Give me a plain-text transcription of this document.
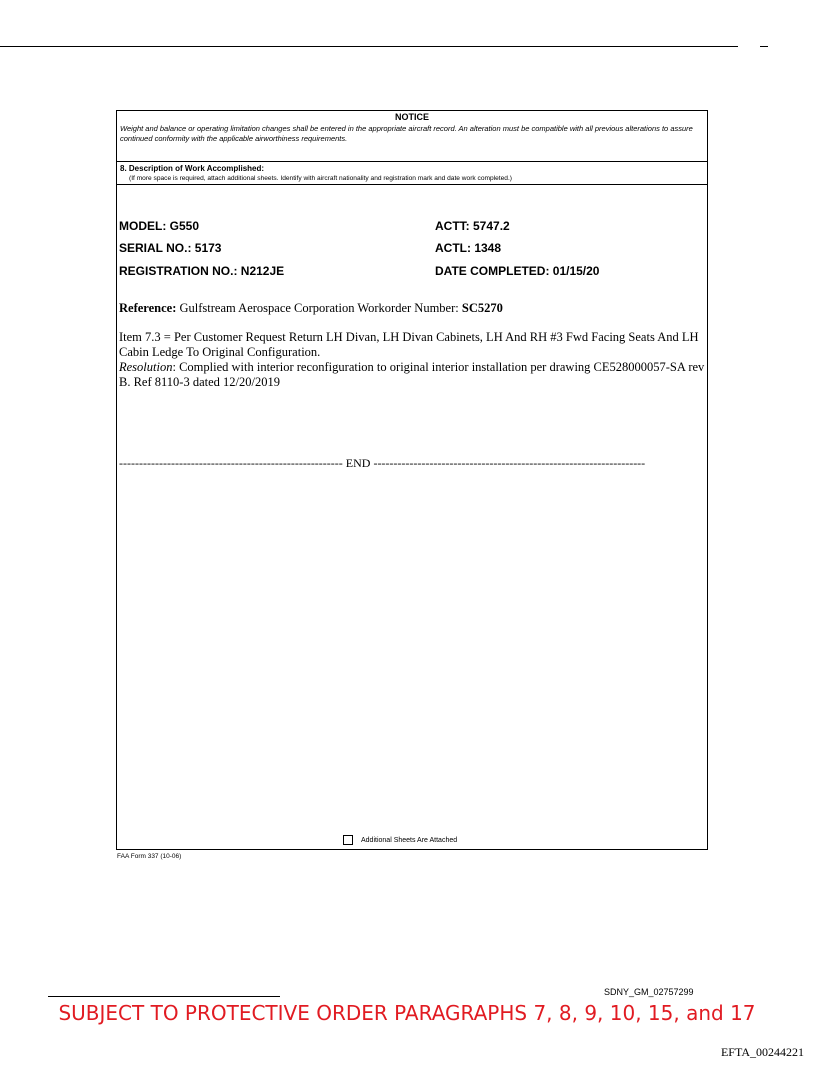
NOTICE
Weight and balance or operating limitation changes shall be entered in the appropriate aircraft record. An alteration must be compatible with all previous alterations to assure continued conformity with the applicable airworthiness requirements.
8. Description of Work Accomplished:
(If more space is required, attach additional sheets. Identify with aircraft nationality and registration mark and date work completed.)
MODEL: G550
SERIAL NO.: 5173
REGISTRATION NO.: N212JE
ACTT: 5747.2
ACTL: 1348
DATE COMPLETED: 01/15/20
Reference: Gulfstream Aerospace Corporation Workorder Number: SC5270
Item 7.3 = Per Customer Request Return LH Divan, LH Divan Cabinets, LH And RH #3 Fwd Facing Seats And LH Cabin Ledge To Original Configuration.
Resolution: Complied with interior reconfiguration to original interior installation per drawing CE528000057-SA rev B. Ref 8110-3 dated 12/20/2019
-------------------------------------------------------- END --------------------------------------------------------------------
Additional Sheets Are Attached
FAA Form 337 (10-06)
SDNY_GM_02757299
SUBJECT TO PROTECTIVE ORDER PARAGRAPHS 7, 8, 9, 10, 15, and 17
EFTA_00244221
